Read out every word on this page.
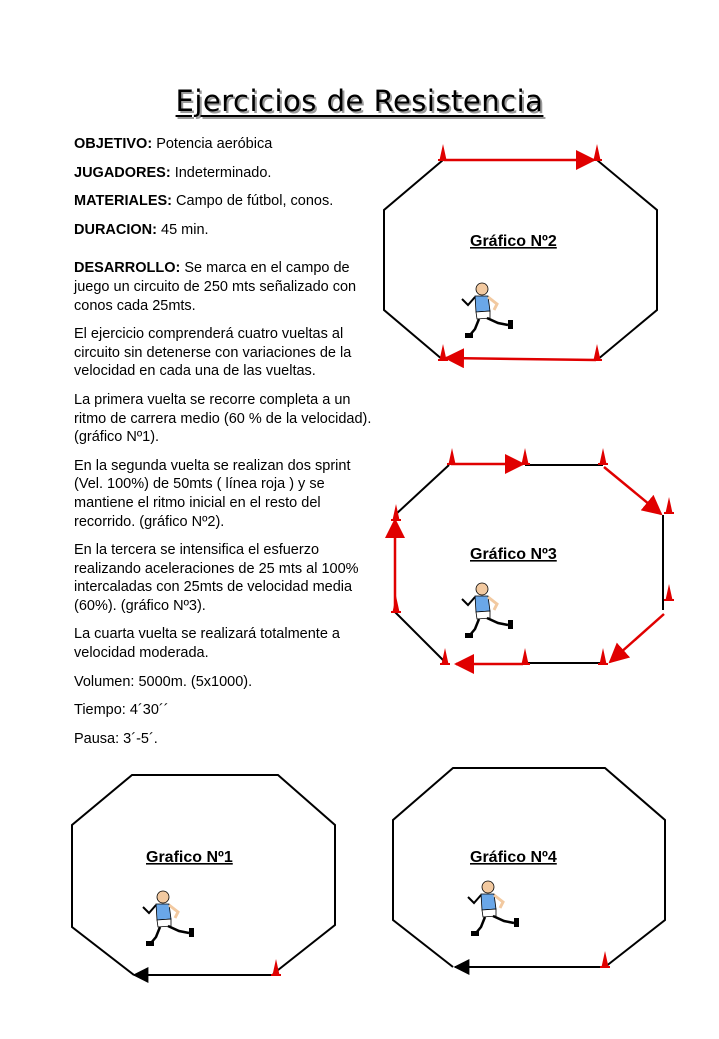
Ejercicios de Resistencia

OBJETIVO: Potencia aeróbica

JUGADORES: Indeterminado.

MATERIALES: Campo de fútbol, conos.

DURACION: 45 min.

DESARROLLO: Se marca en el campo de juego un circuito de 250 mts señalizado con conos cada 25mts.

El ejercicio comprenderá cuatro vueltas al circuito sin detenerse con variaciones de la velocidad en cada una de las vueltas.

La primera vuelta se recorre completa a un ritmo de carrera medio (60 % de la velocidad). (gráfico Nº1).

En la segunda vuelta se realizan dos sprint (Vel. 100%) de 50mts ( línea roja ) y se mantiene el ritmo inicial en el resto del recorrido. (gráfico Nº2).

En la tercera se intensifica el esfuerzo realizando aceleraciones de 25 mts al 100% intercaladas con 25mts de velocidad media (60%). (gráfico Nº3).

La cuarta vuelta se realizará totalmente a velocidad moderada.

Volumen: 5000m. (5x1000).

Tiempo: 4´30´´

Pausa: 3´-5´.

Gráfico Nº2
Gráfico Nº3
Grafico Nº1	Gráfico Nº4
